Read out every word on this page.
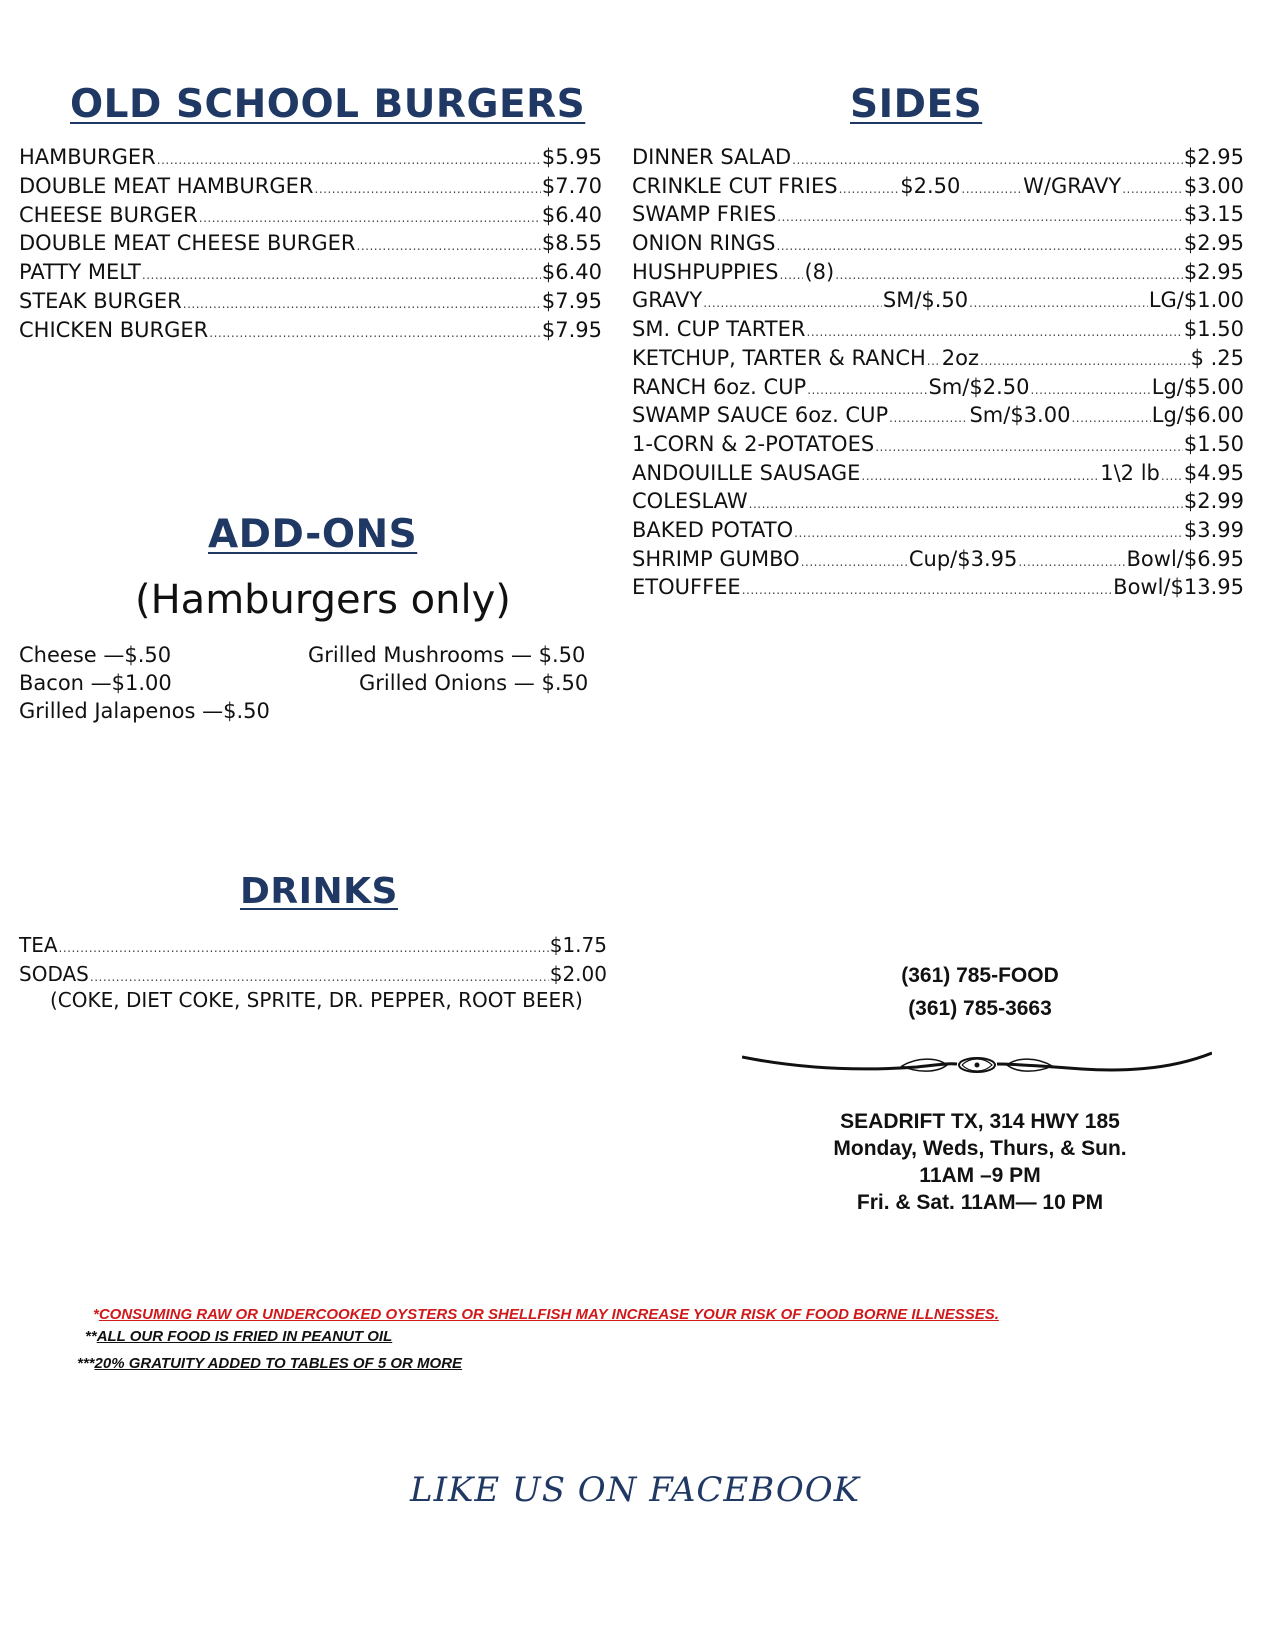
OLD SCHOOL BURGERS
HAMBURGER .....	$5.95
DOUBLE MEAT HAMBURGER .....	$7.70
CHEESE BURGER .....	$6.40
DOUBLE MEAT CHEESE BURGER .....	$8.55
PATTY MELT .....	$6.40
STEAK BURGER .....	$7.95
CHICKEN BURGER .....	$7.95
SIDES
DINNER SALAD .....	$2.95
CRINKLE CUT FRIES .....	$2.50 .....	W/GRAVY .....	$3.00
SWAMP FRIES .....	$3.15
ONION RINGS .....	$2.95
HUSHPUPPIES ..... (8) .....	$2.95
GRAVY .....	SM/$.50 .....	LG/$1.00
SM. CUP TARTER .....	$1.50
KETCHUP, TARTER & RANCH ..... 2oz .....	$ .25
RANCH 6oz. CUP .....	Sm/$2.50 .....	Lg/$5.00
SWAMP SAUCE 6oz. CUP .....	Sm/$3.00 .....	Lg/$6.00
1-CORN & 2-POTATOES .....	$1.50
ANDOUILLE SAUSAGE .....	1\2 lb ..... $4.95
COLESLAW .....	$2.99
BAKED POTATO .....	$3.99
SHRIMP GUMBO .....	Cup/$3.95 .....	Bowl/$6.95
ETOUFFEE .....	Bowl/$13.95
ADD-ONS
(Hamburgers only)
Cheese —$.50
Bacon —$1.00
Grilled Jalapenos —$.50
Grilled Mushrooms — $.50
Grilled Onions — $.50
DRINKS
TEA .....	$1.75
SODAS .....	$2.00
(COKE, DIET COKE, SPRITE, DR. PEPPER, ROOT BEER)
(361) 785-FOOD
(361) 785-3663
SEADRIFT TX, 314 HWY 185
Monday, Weds, Thurs, & Sun.
11AM –9 PM
Fri. & Sat. 11AM— 10 PM
*CONSUMING RAW OR UNDERCOOKED OYSTERS OR SHELLFISH MAY INCREASE YOUR RISK OF FOOD BORNE ILLNESSES.
**ALL OUR FOOD IS FRIED IN PEANUT OIL
***20% GRATUITY ADDED TO TABLES OF 5 OR MORE
LIKE US ON FACEBOOK
